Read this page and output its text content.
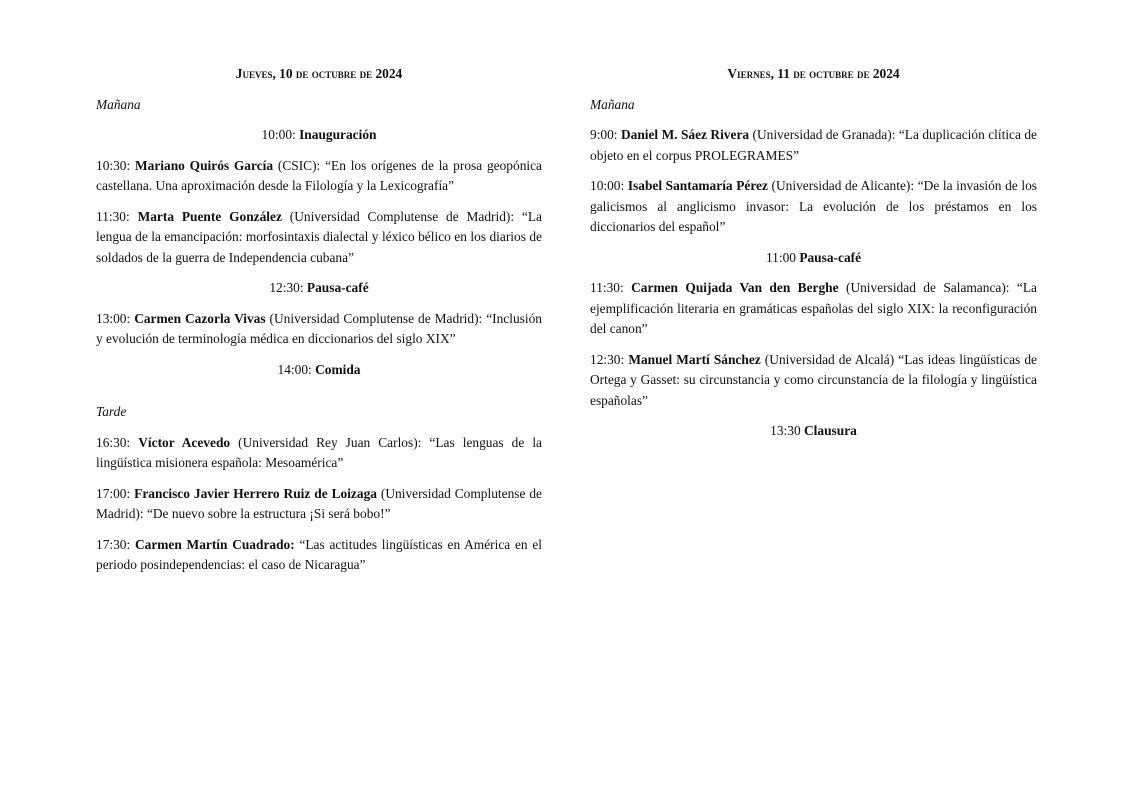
Jueves, 10 de octubre de 2024
Mañana
10:00: Inauguración
10:30: Mariano Quirós García (CSIC): “En los orígenes de la prosa geopónica castellana. Una aproximación desde la Filología y la Lexicografía”
11:30: Marta Puente González (Universidad Complutense de Madrid): “La lengua de la emancipación: morfosintaxis dialectal y léxico bélico en los diarios de soldados de la guerra de Independencia cubana”
12:30: Pausa-café
13:00: Carmen Cazorla Vivas (Universidad Complutense de Madrid): “Inclusión y evolución de terminología médica en diccionarios del siglo XIX”
14:00: Comida
Tarde
16:30: Víctor Acevedo (Universidad Rey Juan Carlos): “Las lenguas de la lingüística misionera española: Mesoamérica”
17:00: Francisco Javier Herrero Ruiz de Loizaga (Universidad Complutense de Madrid): “De nuevo sobre la estructura ¡Si será bobo!”
17:30: Carmen Martín Cuadrado: “Las actitudes lingüísticas en América en el periodo posindependencias: el caso de Nicaragua”
Viernes, 11 de octubre de 2024
Mañana
9:00: Daniel M. Sáez Rivera (Universidad de Granada): “La duplicación clítica de objeto en el corpus PROLEGRAMES”
10:00: Isabel Santamaría Pérez (Universidad de Alicante): “De la invasión de los galicismos al anglicismo invasor: La evolución de los préstamos en los diccionarios del español”
11:00 Pausa-café
11:30: Carmen Quijada Van den Berghe (Universidad de Salamanca): “La ejemplificación literaria en gramáticas españolas del siglo XIX: la reconfiguración del canon”
12:30: Manuel Martí Sánchez (Universidad de Alcalá) “Las ideas lingüísticas de Ortega y Gasset: su circunstancia y como circunstancia de la filología y lingüística españolas”
13:30 Clausura
